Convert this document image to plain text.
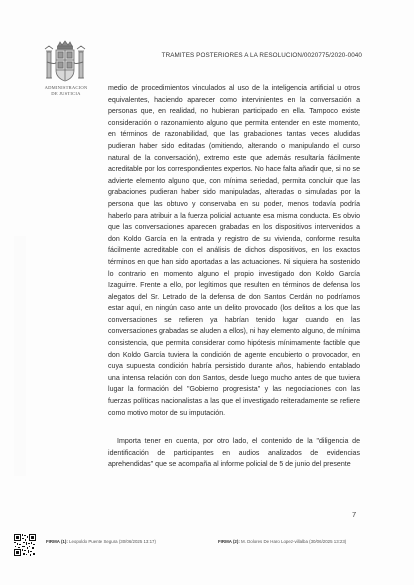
ADMINISTRACION
DE JUSTICIA
TRAMITES POSTERIORES A LA RESOLUCION/0020775/2020-0040

medio de procedimientos vinculados al uso de la inteligencia artificial u otros equivalentes, haciendo aparecer como intervinientes en la conversación a personas que, en realidad, no hubieran participado en ella. Tampoco existe consideración o razonamiento alguno que permita entender en este momento, en términos de razonabilidad, que las grabaciones tantas veces aludidas pudieran haber sido editadas (omitiendo, alterando o manipulando el curso natural de la conversación), extremo este que además resultaría fácilmente acreditable por los correspondientes expertos. No hace falta añadir que, si no se advierte elemento alguno que, con mínima seriedad, permita concluir que las grabaciones pudieran haber sido manipuladas, alteradas o simuladas por la persona que las obtuvo y conservaba en su poder, menos todavía podría haberlo para atribuir a la fuerza policial actuante esa misma conducta. Es obvio que las conversaciones aparecen grabadas en los dispositivos intervenidos a don Koldo García en la entrada y registro de su vivienda, conforme resulta fácilmente acreditable con el análisis de dichos dispositivos, en los exactos términos en que han sido aportadas a las actuaciones. Ni siquiera ha sostenido lo contrario en momento alguno el propio investigado don Koldo García Izaguirre. Frente a ello, por legítimos que resulten en términos de defensa los alegatos del Sr. Letrado de la defensa de don Santos Cerdán no podríamos estar aquí, en ningún caso ante un delito provocado (los delitos a los que las conversaciones se refieren ya habrían tenido lugar cuando en las conversaciones grabadas se aluden a ellos), ni hay elemento alguno, de mínima consistencia, que permita considerar como hipótesis mínimamente factible que don Koldo García tuviera la condición de agente encubierto o provocador, en cuya supuesta condición habría persistido durante años, habiendo entablado una intensa relación con don Santos, desde luego mucho antes de que tuviera lugar la formación del "Gobierno progresista" y las negociaciones con las fuerzas políticas nacionalistas a las que el investigado reiteradamente se refiere como motivo motor de su imputación.

Importa tener en cuenta, por otro lado, el contenido de la "diligencia de identificación de participantes en audios analizados de evidencias aprehendidas" que se acompaña al informe policial de 5 de junio del presente

7
FIRMA (1): Leopoldo Puente Segura (30/06/2025 13:17)	FIRMA (2): M. Dolores De Haro Lopez-villalba (30/06/2025 13:23)
